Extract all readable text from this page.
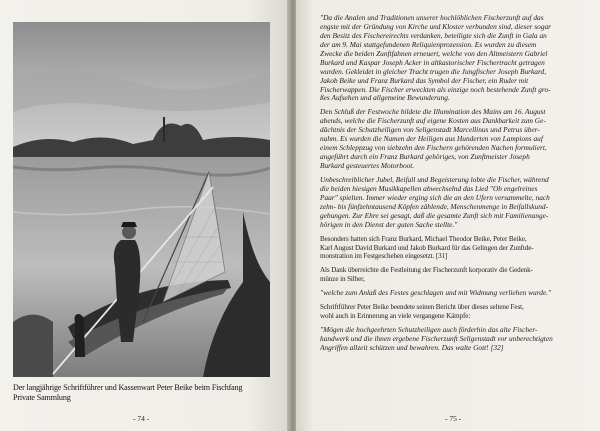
Der langjährige Schriftführer und Kassenwart Peter Beike beim Fischfang
Private Sammlung
- 74 -	- 75 -
"Da die Analen und Traditionen unserer hochlöblichen Fischerzunft auf das
engste mit der Gründung von Kirche und Kloster verbunden sind, dieser sogar
den Besitz des Fischereirechts verdanken, beteiligte sich die Zunft in Gala an
der am 9. Mai stattgefundenen Reliquienprozession. Es wurden zu diesem
Zwecke die beiden Zunftfahnen erneuert, welche von den Altmeistern Gabriel
Burkard und Kaspar Joseph Acker in altkastorischer Fischertracht getragen
wurden. Gekleidet in gleicher Tracht trugen die Jungfischer Joseph Burkard,
Jakob Beike und Franz Burkard das Symbol der Fischer, ein Ruder mit
Fischerwappen. Die Fischer erweckten als einzige noch bestehende Zunft gro-
ßes Aufsehen und allgemeine Bewunderung.
Den Schluß der Festwoche bildete die Illumination des Mains am 16. August
abends, welche die Fischerzunft auf eigene Kosten aus Dankbarkeit zum Ge-
dächtnis der Schutzheiligen von Seligenstadt Marcellinus und Petrus über-
nahm. Es wurden die Namen der Heiligen aus Hunderten von Lampions auf
einem Schleppzug von siebzehn den Fischern gehörenden Nachen formuliert,
angeführt durch ein Franz Burkard gehöriges, von Zunftmeister Joseph
Burkard gesteuertes Motorboot.
Unbeschreiblicher Jubel, Beifall und Begeisterung lobte die Fischer, während
die beiden hiesigen Musikkapellen abwechselnd das Lied "Oh engelreines
Paar" spielten. Immer wieder erging sich die an den Ufern versammelte, nach
zehn- bis fünfzehntausend Köpfen zählende, Menschenmenge in Beifallskund-
gebungen. Zur Ehre sei gesagt, daß die gesamte Zunft sich mit Familienange-
hörigen in den Dienst der guten Sache stellte."
Besonders hatten sich Franz Burkard, Michael Theodor Beike, Peter Beike,
Karl August David Burkard und Jakob Burkard für das Gelingen der Zunftde-
monstration im Festgeschehen eingesetzt. [31]
Als Dank überreichte die Festleitung der Fischerzunft korporativ die Gedenk-
münze in Silber,
"welche zum Anlaß des Festes geschlagen und mit Widmung verliehen wurde."
Schriftführer Peter Beike beendete seinen Bericht über dieses seltene Fest,
wohl auch in Erinnerung an viele vergangene Kämpfe:
"Mögen die hochgeehrten Schutzheiligen auch förderhin das alte Fischer-
handwerk und die ihnen ergebene Fischerzunft Seligenstadt vor unberechtigten
Angriffen allzeit schützen und bewahren. Das walte Gott! [32]
